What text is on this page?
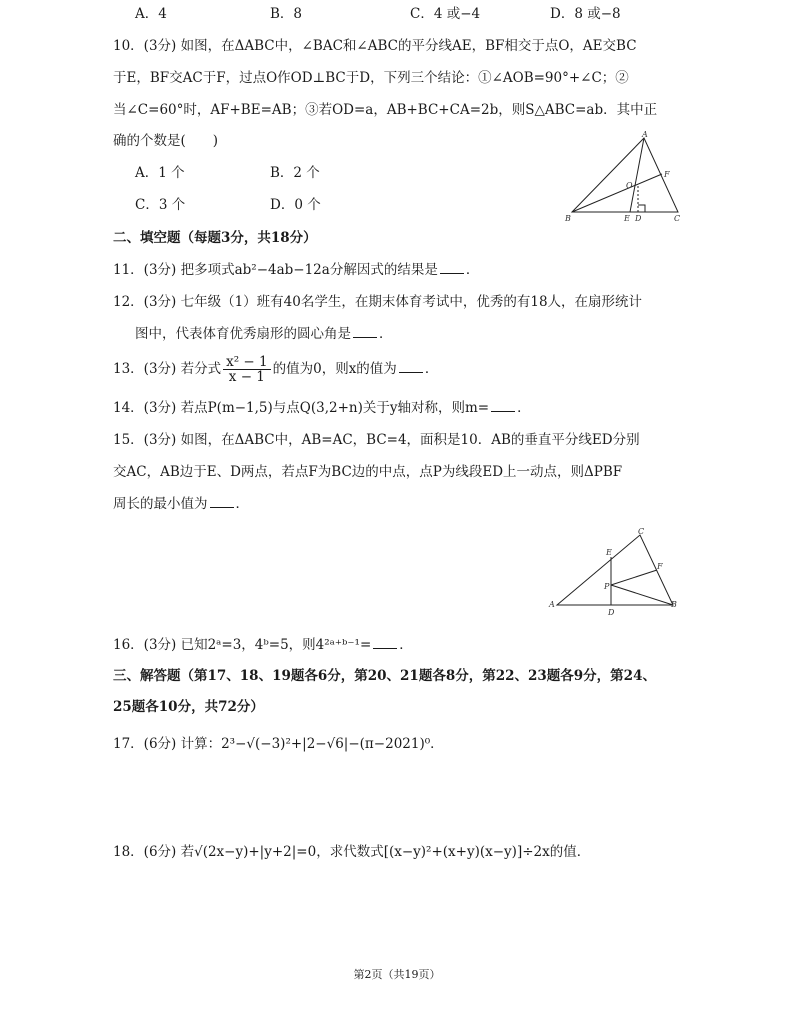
A．4	B．8	C．4 或−4	D．8 或−8
10．(3分) 如图，在ΔABC中，∠BAC和∠ABC的平分线AE，BF相交于点O，AE交BC
于E，BF交AC于F，过点O作OD⊥BC于D，下列三个结论：①∠AOB=90°+∠C；②
当∠C=60°时，AF+BE=AB；③若OD=a，AB+BC+CA=2b，则S△ABC=ab．其中正
确的个数是(　　)
A．1 个	B．2 个
C．3 个	D．0 个
A
O
F
B	E D	C
二、填空题（每题3分，共18分）
11．(3分) 把多项式ab²−4ab−12a分解因式的结果是 ．
12．(3分) 七年级（1）班有40名学生，在期末体育考试中，优秀的有18人，在扇形统计
图中，代表体育优秀扇形的圆心角是 ．
13．(3分) 若分式 $\frac{\text{x² − 1}}{x - 1}$ 的值为0，则x的值为 ．
14．(3分) 若点P(m−1,5)与点Q(3,2+n)关于y轴对称，则m= ．
15．(3分) 如图，在ΔABC中，AB=AC，BC=4，面积是10．AB的垂直平分线ED分别
交AC，AB边于E、D两点，若点F为BC边的中点，点P为线段ED上一动点，则ΔPBF
周长的最小值为 ．
C
E
F
P
A
D
B
16．(3分) 已知2ᵃ=3，4ᵇ=5，则4²ᵃ⁺ᵇ⁻¹= ．
三、解答题（第17、18、19题各6分，第20、21题各8分，第22、23题各9分，第24、
25题各10分，共72分）
17．(6分) 计算：2³−√(−3)²+|2−√6|−(π−2021)⁰．
18．(6分) 若√(2x−y)+|y+2|=0，求代数式[(x−y)²+(x+y)(x−y)]÷2x的值．
第2页（共19页）
